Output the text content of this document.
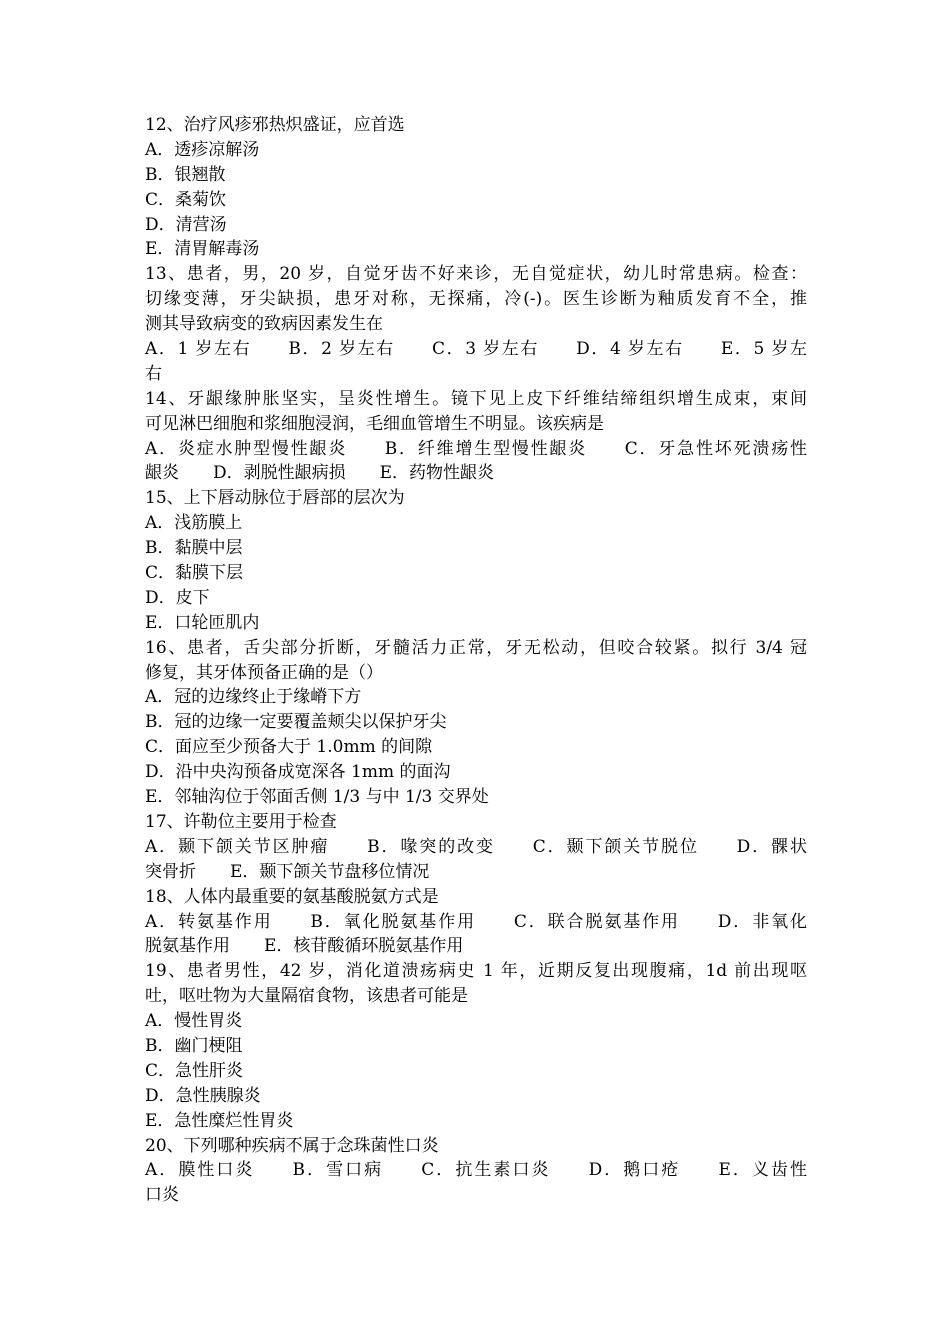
12、治疗风疹邪热炽盛证，应首选
A．透疹凉解汤
B．银翘散
C．桑菊饮
D．清营汤
E．清胃解毒汤
13、患者，男，20 岁，自觉牙齿不好来诊，无自觉症状，幼儿时常患病。检查：
切缘变薄，牙尖缺损，患牙对称，无探痛，冷(-)。医生诊断为釉质发育不全，推
测其导致病变的致病因素发生在
A．1 岁左右　　B．2 岁左右　　C．3 岁左右　　D．4 岁左右　　E．5 岁左
右
14、牙龈缘肿胀坚实，呈炎性增生。镜下见上皮下纤维结缔组织增生成束，束间
可见淋巴细胞和浆细胞浸润，毛细血管增生不明显。该疾病是
A．炎症水肿型慢性龈炎　　B．纤维增生型慢性龈炎　　C．牙急性坏死溃疡性
龈炎　　D．剥脱性龈病损　　E．药物性龈炎
15、上下唇动脉位于唇部的层次为
A．浅筋膜上
B．黏膜中层
C．黏膜下层
D．皮下
E．口轮匝肌内
16、患者，舌尖部分折断，牙髓活力正常，牙无松动，但咬合较紧。拟行 3/4 冠
修复，其牙体预备正确的是（）
A．冠的边缘终止于缘嵴下方
B．冠的边缘一定要覆盖颊尖以保护牙尖
C．面应至少预备大于 1.0mm 的间隙
D．沿中央沟预备成宽深各 1mm 的面沟
E．邻轴沟位于邻面舌侧 1/3 与中 1/3 交界处
17、许勒位主要用于检查
A．颞下颌关节区肿瘤　　B．喙突的改变　　C．颞下颌关节脱位　　D．髁状
突骨折　　E．颞下颌关节盘移位情况
18、人体内最重要的氨基酸脱氨方式是
A．转氨基作用　　B．氧化脱氨基作用　　C．联合脱氨基作用　　D．非氧化
脱氨基作用　　E．核苷酸循环脱氨基作用
19、患者男性，42 岁，消化道溃疡病史 1 年，近期反复出现腹痛，1d 前出现呕
吐，呕吐物为大量隔宿食物，该患者可能是
A．慢性胃炎
B．幽门梗阻
C．急性肝炎
D．急性胰腺炎
E．急性糜烂性胃炎
20、下列哪种疾病不属于念珠菌性口炎
A．膜性口炎　　B．雪口病　　C．抗生素口炎　　D．鹅口疮　　E．义齿性
口炎
